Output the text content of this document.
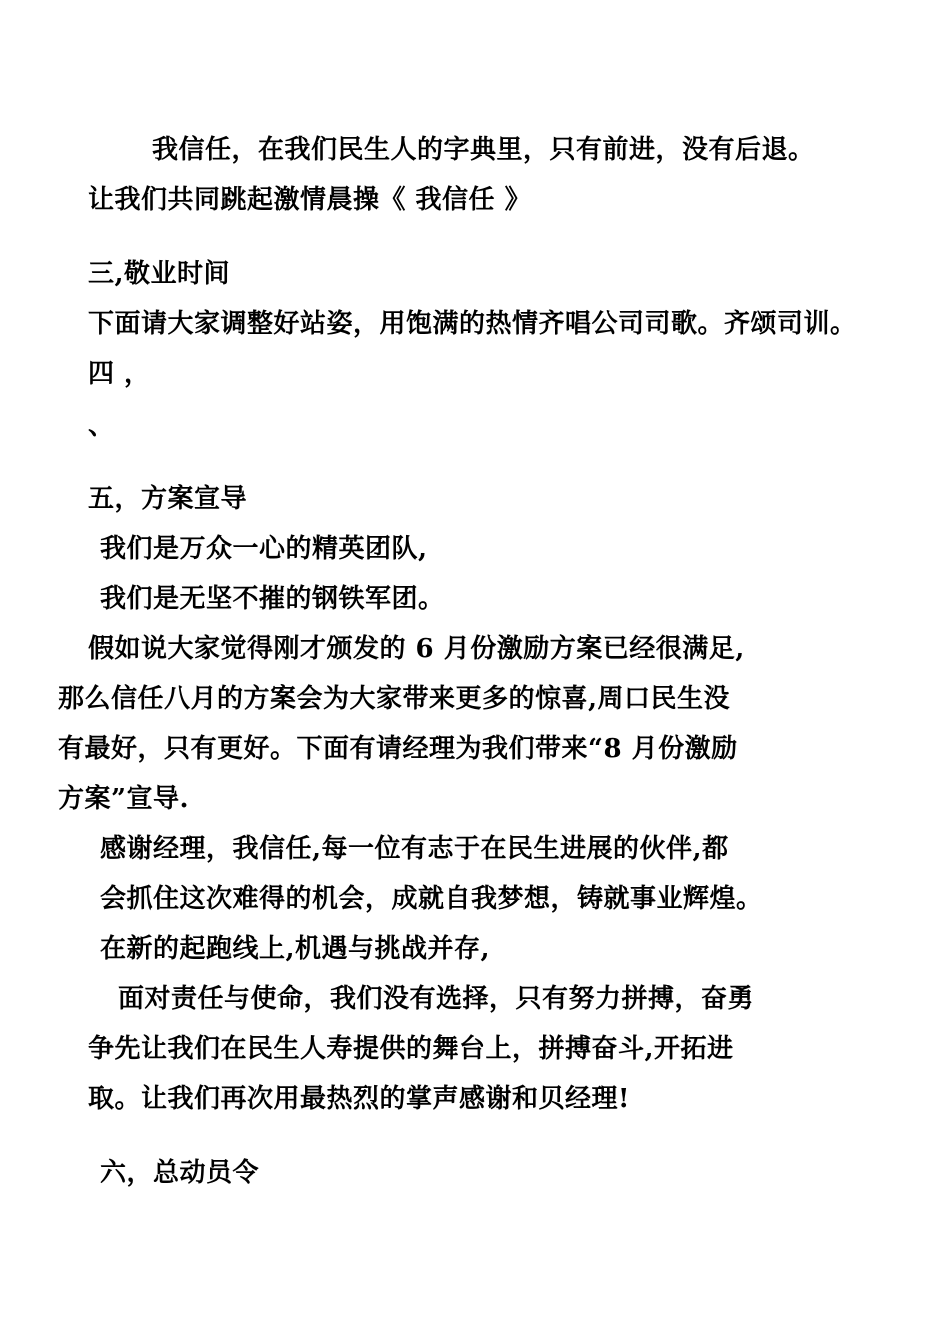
我信任，在我们民生人的字典里，只有前进，没有后退。
让我们共同跳起激情晨操《 我信任 》
三,敬业时间
下面请大家调整好站姿，用饱满的热情齐唱公司司歌。齐颂司训。
四 ，
、
五，方案宣导
我们是万众一心的精英团队,
我们是无坚不摧的钢铁军团。
假如说大家觉得刚才颁发的 6 月份激励方案已经很满足,
那么信任八月的方案会为大家带来更多的惊喜,周口民生没
有最好，只有更好。下面有请经理为我们带来“8 月份激励
方案”宣导.
感谢经理，我信任,每一位有志于在民生进展的伙伴,都
会抓住这次难得的机会，成就自我梦想，铸就事业辉煌。
在新的起跑线上,机遇与挑战并存,
面对责任与使命，我们没有选择，只有努力拼搏，奋勇
争先让我们在民生人寿提供的舞台上，拼搏奋斗,开拓进
取。让我们再次用最热烈的掌声感谢和贝经理!
六，总动员令
